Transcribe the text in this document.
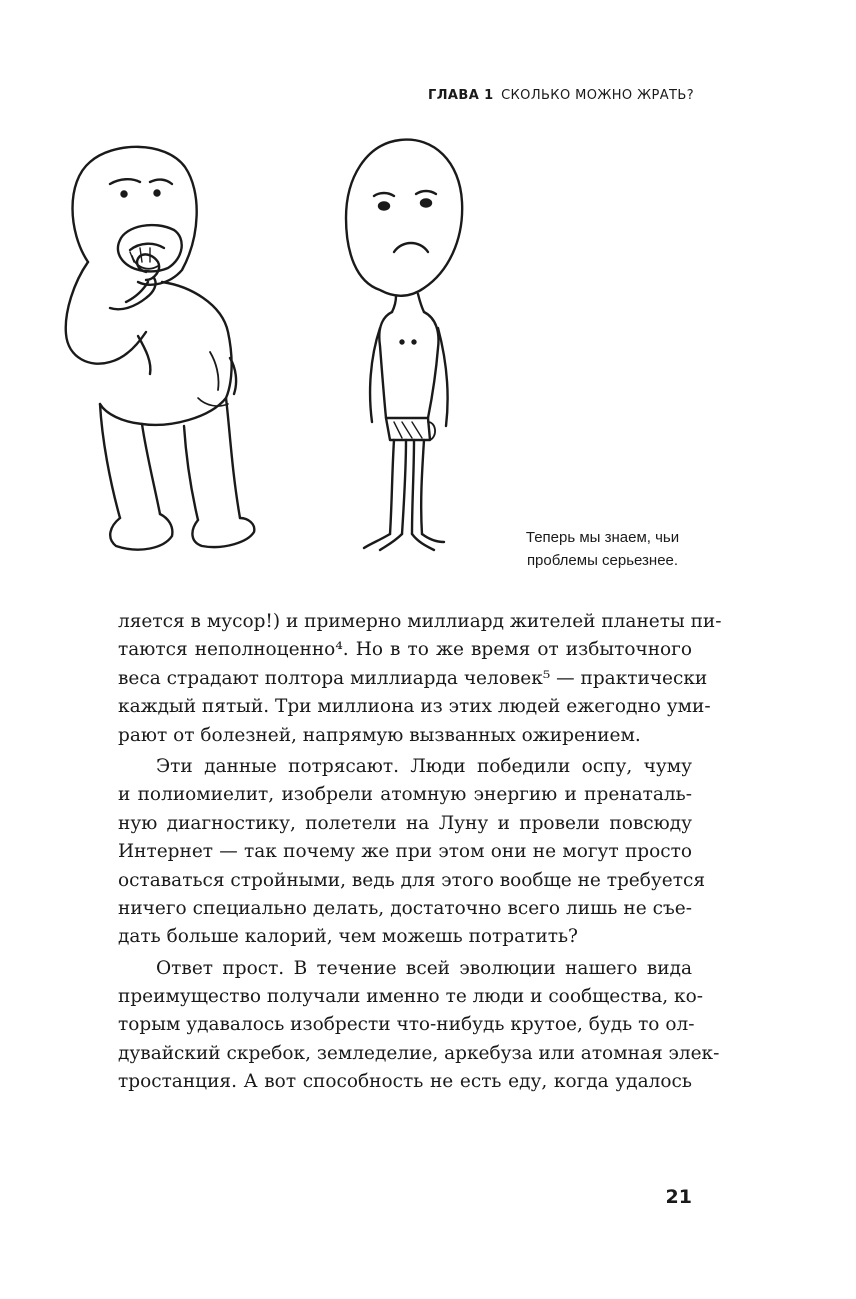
ГЛАВА 1 СКОЛЬКО МОЖНО ЖРАТЬ?
Теперь мы знаем, чьи
проблемы серьезнее.
ляется в мусор!) и примерно миллиард жителей планеты пи-
таются неполноценно⁴. Но в то же время от избыточного
веса страдают полтора миллиарда человек⁵ — практически
каждый пятый. Три миллиона из этих людей ежегодно уми-
рают от болезней, напрямую вызванных ожирением.
Эти данные потрясают. Люди победили оспу, чуму
и полиомиелит, изобрели атомную энергию и пренаталь-
ную диагностику, полетели на Луну и провели повсюду
Интернет — так почему же при этом они не могут просто
оставаться стройными, ведь для этого вообще не требуется
ничего специально делать, достаточно всего лишь не съе-
дать больше калорий, чем можешь потратить?
Ответ прост. В течение всей эволюции нашего вида
преимущество получали именно те люди и сообщества, ко-
торым удавалось изобрести что-нибудь крутое, будь то ол-
дувайский скребок, земледелие, аркебуза или атомная элек-
тростанция. А вот способность не есть еду, когда удалось
21
